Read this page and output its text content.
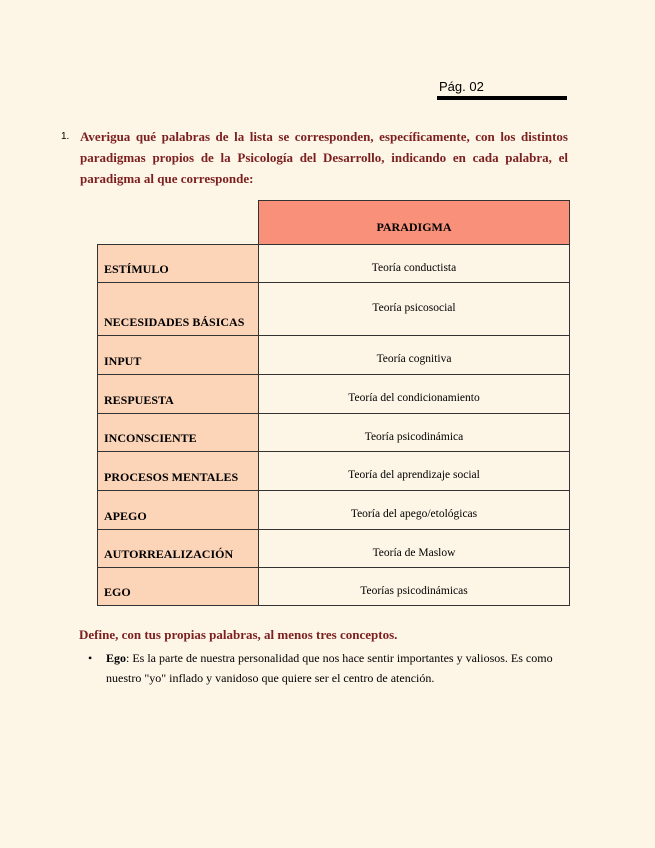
Pág. 02
1. Averigua qué palabras de la lista se corresponden, específicamente, con los distintos paradigmas propios de la Psicología del Desarrollo, indicando en cada palabra, el paradigma al que corresponde:
	PARADIGMA
ESTÍMULO	Teoría conductista
NECESIDADES BÁSICAS	Teoría psicosocial
INPUT	Teoría cognitiva
RESPUESTA	Teoría del condicionamiento
INCONSCIENTE	Teoría psicodinámica
PROCESOS MENTALES	Teoría del aprendizaje social
APEGO	Teoría del apego/etológicas
AUTORREALIZACIÓN	Teoría de Maslow
EGO	Teorías psicodinámicas
Define, con tus propias palabras, al menos tres conceptos.
• Ego: Es la parte de nuestra personalidad que nos hace sentir importantes y valiosos. Es como nuestro "yo" inflado y vanidoso que quiere ser el centro de atención.
